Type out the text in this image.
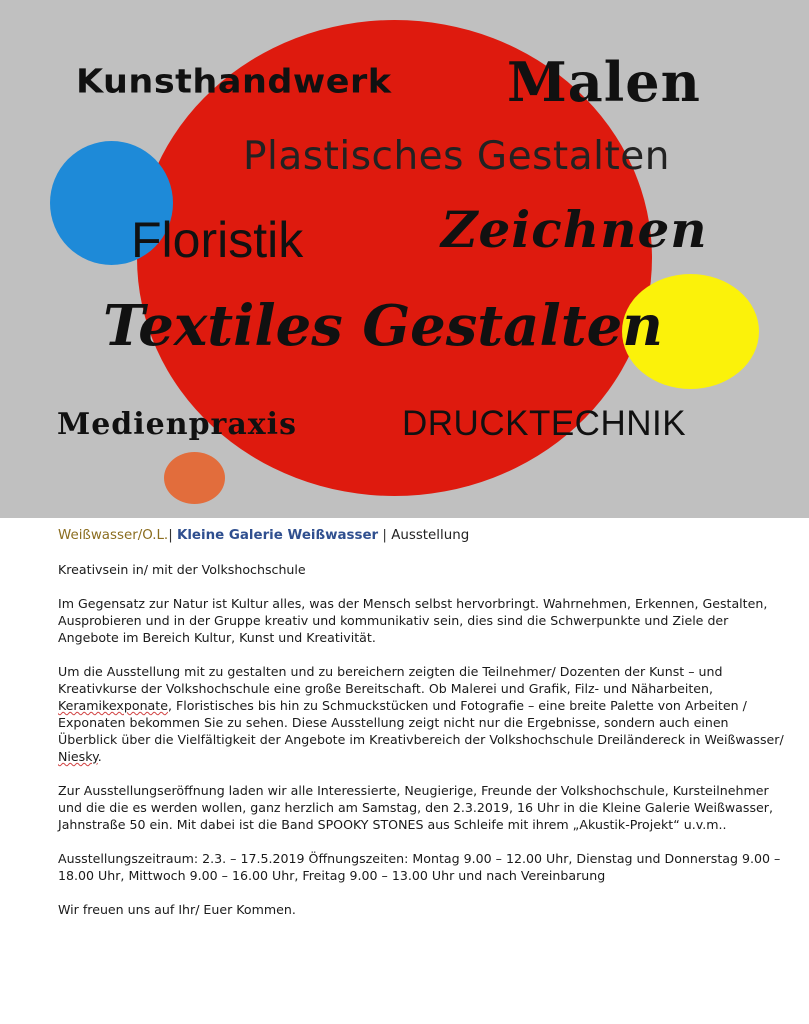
Kunsthandwerk Malen
Plastisches Gestalten
Floristik	Zeichnen
Textiles Gestalten
Medienpraxis	DRUCKTECHNIK
Weißwasser/O.L.| Kleine Galerie Weißwasser | Ausstellung

Kreativsein in/ mit der Volkshochschule

Im Gegensatz zur Natur ist Kultur alles, was der Mensch selbst hervorbringt. Wahrnehmen, Erkennen, Gestalten, Ausprobieren und in der Gruppe kreativ und kommunikativ sein, dies sind die Schwerpunkte und Ziele der Angebote im Bereich Kultur, Kunst und Kreativität.

Um die Ausstellung mit zu gestalten und zu bereichern zeigten die Teilnehmer/ Dozenten der Kunst – und Kreativkurse der Volkshochschule eine große Bereitschaft. Ob Malerei und Grafik, Filz- und Näharbeiten, Keramikexponate, Floristisches bis hin zu Schmuckstücken und Fotografie – eine breite Palette von Arbeiten / Exponaten bekommen Sie zu sehen. Diese Ausstellung zeigt nicht nur die Ergebnisse, sondern auch einen Überblick über die Vielfältigkeit der Angebote im Kreativbereich der Volkshochschule Dreiländereck in Weißwasser/ Niesky.

Zur Ausstellungseröffnung laden wir alle Interessierte, Neugierige, Freunde der Volkshochschule, Kursteilnehmer und die die es werden wollen, ganz herzlich am Samstag, den 2.3.2019, 16 Uhr in die Kleine Galerie Weißwasser, Jahnstraße 50 ein. Mit dabei ist die Band SPOOKY STONES aus Schleife mit ihrem „Akustik-Projekt“ u.v.m..

Ausstellungszeitraum: 2.3. – 17.5.2019 Öffnungszeiten: Montag 9.00 – 12.00 Uhr, Dienstag und Donnerstag 9.00 – 18.00 Uhr, Mittwoch 9.00 – 16.00 Uhr, Freitag 9.00 – 13.00 Uhr und nach Vereinbarung

Wir freuen uns auf Ihr/ Euer Kommen.
